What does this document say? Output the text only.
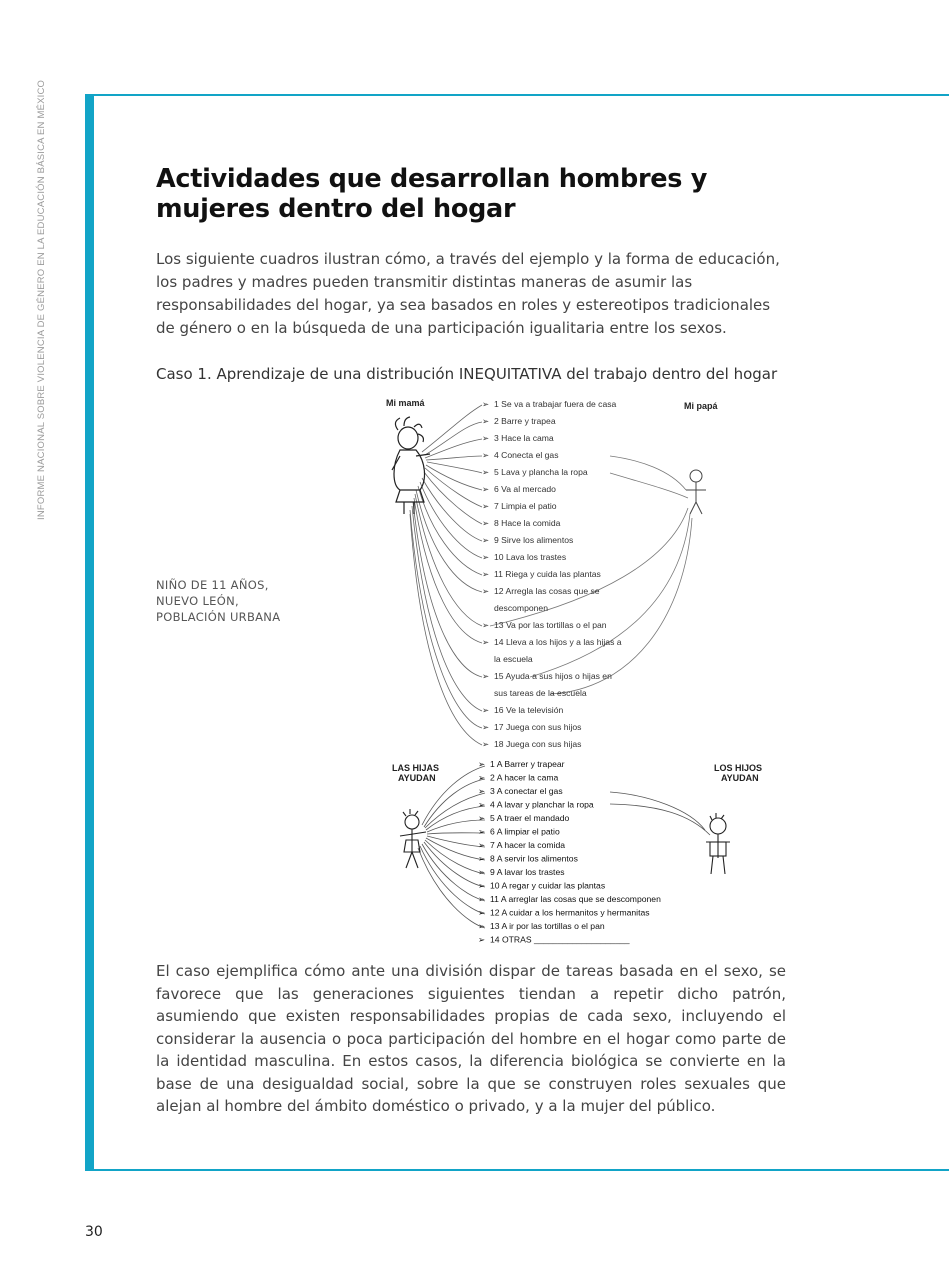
INFORME NACIONAL SOBRE VIOLENCIA DE GÉNERO EN LA EDUCACIÓN BÁSICA EN MÉXICO	Actividades que desarrollan hombres y mujeres dentro del hogar

Los siguiente cuadros ilustran cómo, a través del ejemplo y la forma de educación, los padres y madres pueden transmitir distintas maneras de asumir las responsabilidades del hogar, ya sea basados en roles y estereotipos tradicionales de género o en la búsqueda de una participación igualitaria entre los sexos.

Caso 1. Aprendizaje de una distribución INEQUITATIVA del trabajo dentro del hogar
NIÑO DE 11 AÑOS,
NUEVO LEÓN,
POBLACIÓN URBANA
Mi mamá	Mi papá
LAS HIJAS
AYUDAN
LOS HIJOS
AYUDAN
➢ 1 Se va a trabajar fuera de casa
➢ 2 Barre y trapea
➢ 3 Hace la cama
➢ 4 Conecta el gas
➢ 5 Lava y plancha la ropa
➢ 6 Va al mercado
➢ 7 Limpia el patio
➢ 8 Hace la comida
➢ 9 Sirve los alimentos
➢ 10 Lava los trastes
➢ 11 Riega y cuida las plantas
➢ 12 Arregla las cosas que se
descomponen
➢ 13 Va por las tortillas o el pan
➢ 14 Lleva a los hijos y a las hijas a
la escuela
➢ 15 Ayuda a sus hijos o hijas en
sus tareas de la escuela
➢ 16 Ve la televisión
➢ 17 Juega con sus hijos
➢ 18 Juega con sus hijas
➢ 1 A Barrer y trapear
➢ 2 A hacer la cama
➢ 3 A conectar el gas
➢ 4 A lavar y planchar la ropa
➢ 5 A traer el mandado
➢ 6 A limpiar el patio
➢ 7 A hacer la comida
➢ 8 A servir los alimentos
➢ 9 A lavar los trastes
➢ 10 A regar y cuidar las plantas
➢ 11 A arreglar las cosas que se descomponen
➢ 12 A cuidar a los hermanitos y hermanitas
➢ 13 A ir por las tortillas o el pan
➢ 14 OTRAS ____________________

El caso ejemplifica cómo ante una división dispar de tareas basada en el sexo, se favorece que las generaciones siguientes tiendan a repetir dicho patrón, asumiendo que existen responsabilidades propias de cada sexo, incluyendo el considerar la ausencia o poca participación del hombre en el hogar como parte de la identidad masculina. En estos casos, la diferencia biológica se convierte en la base de una desigualdad social, sobre la que se construyen roles sexuales que alejan al hombre del ámbito doméstico o privado, y a la mujer del público.

30
